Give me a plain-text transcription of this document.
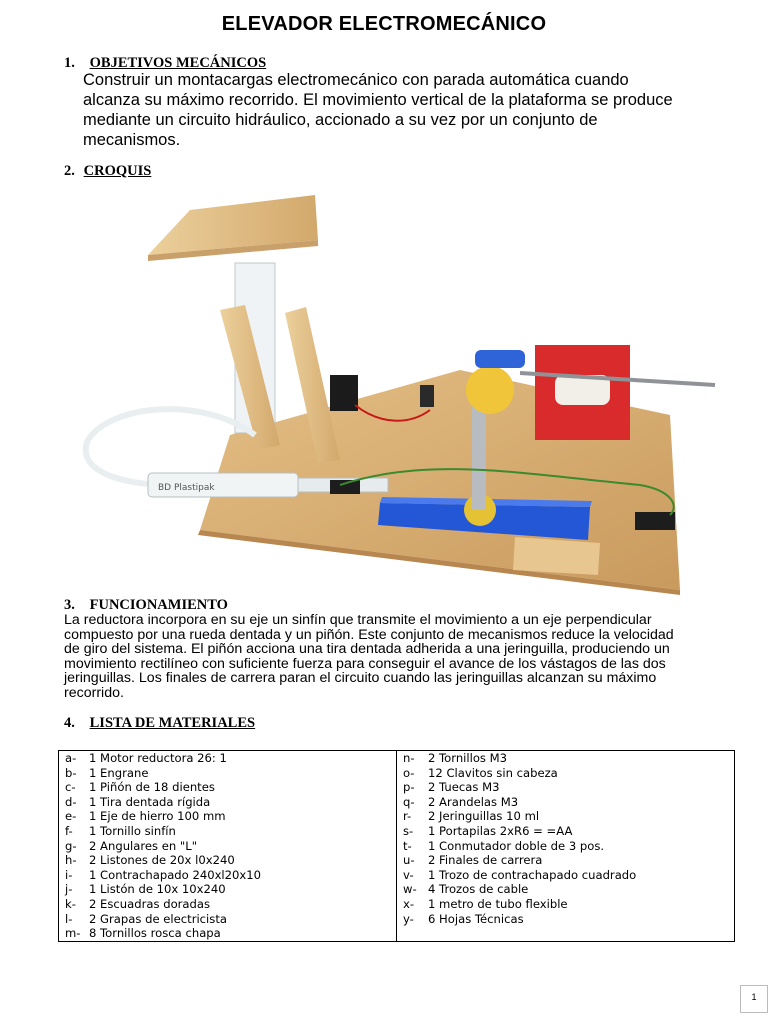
ELEVADOR ELECTROMECÁNICO
1. OBJETIVOS MECÁNICOS
Construir un montacargas electromecánico con parada automática cuando
alcanza su máximo recorrido. El movimiento vertical de la plataforma se produce
mediante un circuito hidráulico, accionado a su vez por un conjunto de
mecanismos.
2. CROQUIS
BD Plastipak
3. FUNCIONAMIENTO
La reductora incorpora en su eje un sinfín que transmite el movimiento a un eje perpendicular
compuesto por una rueda dentada y un piñón. Este conjunto de mecanismos reduce la velocidad
de giro del sistema. El piñón acciona una tira dentada adherida a una jeringuilla, produciendo un
movimiento rectilíneo con suficiente fuerza para conseguir el avance de los vástagos de las dos
jeringuillas. Los finales de carrera paran el circuito cuando las jeringuillas alcanzan su máximo
recorrido.
4. LISTA DE MATERIALES
a-	1 Motor reductora 26: 1
b-	1 Engrane
c-	1 Piñón de 18 dientes
d-	1 Tira dentada rígida
e-	1 Eje de hierro 100 mm
f-	1 Tornillo sinfín
g-	2 Angulares en "L"
h-	2 Listones de 20x l0x240
i-	1 Contrachapado 240xl20x10
j-	1 Listón de 10x 10x240
k-	2 Escuadras doradas
l-	2 Grapas de electricista
m- 8 Tornillos rosca chapa
n-	2 Tornillos M3
o-	12 Clavitos sin cabeza
p-	2 Tuecas M3
q-	2 Arandelas M3
r-	2 Jeringuillas 10 ml
s-	1 Portapilas 2xR6 = =AA
t-	1 Conmutador doble de 3 pos.
u-	2 Finales de carrera
v-	1 Trozo de contrachapado cuadrado
w- 4 Trozos de cable
x-	1 metro de tubo flexible
y-	6 Hojas Técnicas
1
